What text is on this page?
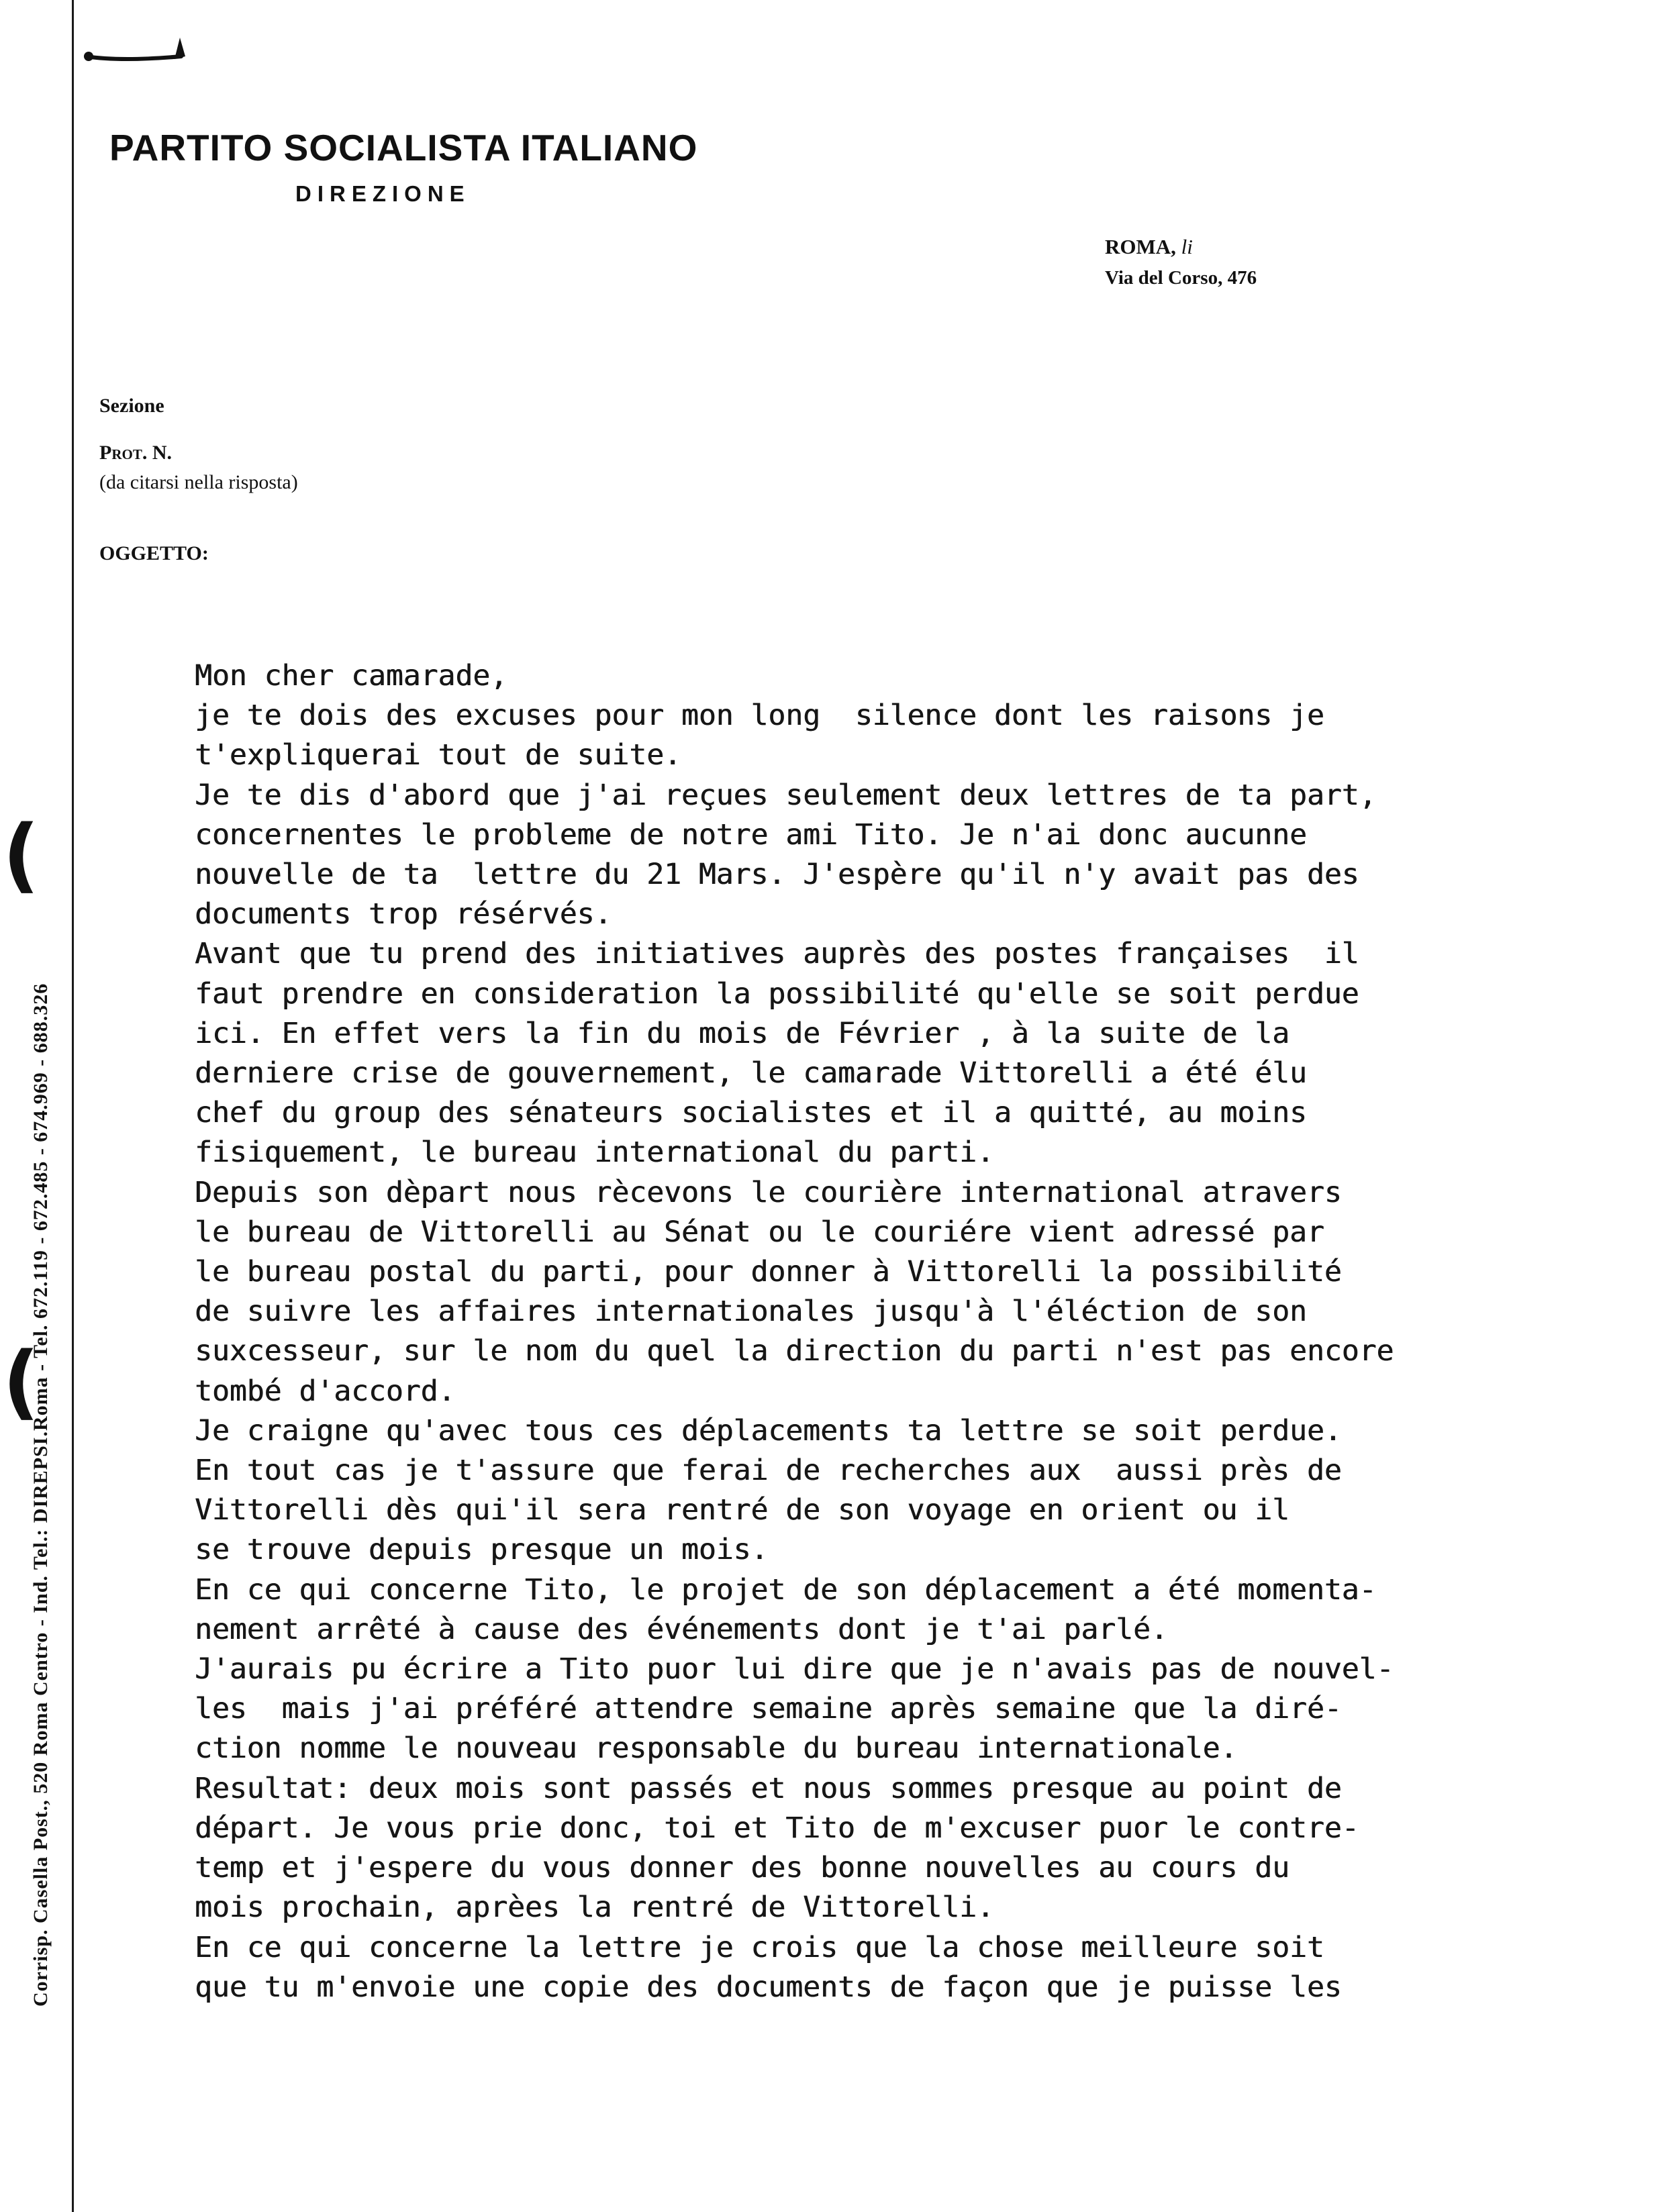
(
(
Corrisp. Casella Post., 520 Roma Centro - Ind. Tel.: DIREPSI.Roma - Tel. 672.119 - 672.485 - 674.969 - 688.326
PARTITO SOCIALISTA ITALIANO
DIREZIONE
ROMA, li
Via del Corso, 476
Sezione
Prot. N.
(da citarsi nella risposta)
OGGETTO:
Mon cher camarade,
je te dois des excuses pour mon long  silence dont les raisons je
t'expliquerai tout de suite.
Je te dis d'abord que j'ai reçues seulement deux lettres de ta part,
concernentes le probleme de notre ami Tito. Je n'ai donc aucunne
nouvelle de ta  lettre du 21 Mars. J'espère qu'il n'y avait pas des
documents trop résérvés.
Avant que tu prend des initiatives auprès des postes françaises  il
faut prendre en consideration la possibilité qu'elle se soit perdue
ici. En effet vers la fin du mois de Février , à la suite de la
derniere crise de gouvernement, le camarade Vittorelli a été élu
chef du group des sénateurs socialistes et il a quitté, au moins
fisiquement, le bureau international du parti.
Depuis son dèpart nous rècevons le courière international atravers
le bureau de Vittorelli au Sénat ou le couriére vient adressé par
le bureau postal du parti, pour donner à Vittorelli la possibilité
de suivre les affaires internationales jusqu'à l'éléction de son
suxcesseur, sur le nom du quel la direction du parti n'est pas encore
tombé d'accord.
Je craigne qu'avec tous ces déplacements ta lettre se soit perdue.
En tout cas je t'assure que ferai de recherches aux  aussi près de
Vittorelli dès qui'il sera rentré de son voyage en orient ou il
se trouve depuis presque un mois.
En ce qui concerne Tito, le projet de son déplacement a été momenta-
nement arrêté à cause des événements dont je t'ai parlé.
J'aurais pu écrire a Tito puor lui dire que je n'avais pas de nouvel-
les  mais j'ai préféré attendre semaine après semaine que la diré-
ction nomme le nouveau responsable du bureau internationale.
Resultat: deux mois sont passés et nous sommes presque au point de
départ. Je vous prie donc, toi et Tito de m'excuser puor le contre-
temp et j'espere du vous donner des bonne nouvelles au cours du
mois prochain, aprèes la rentré de Vittorelli.
En ce qui concerne la lettre je crois que la chose meilleure soit
que tu m'envoie une copie des documents de façon que je puisse les
